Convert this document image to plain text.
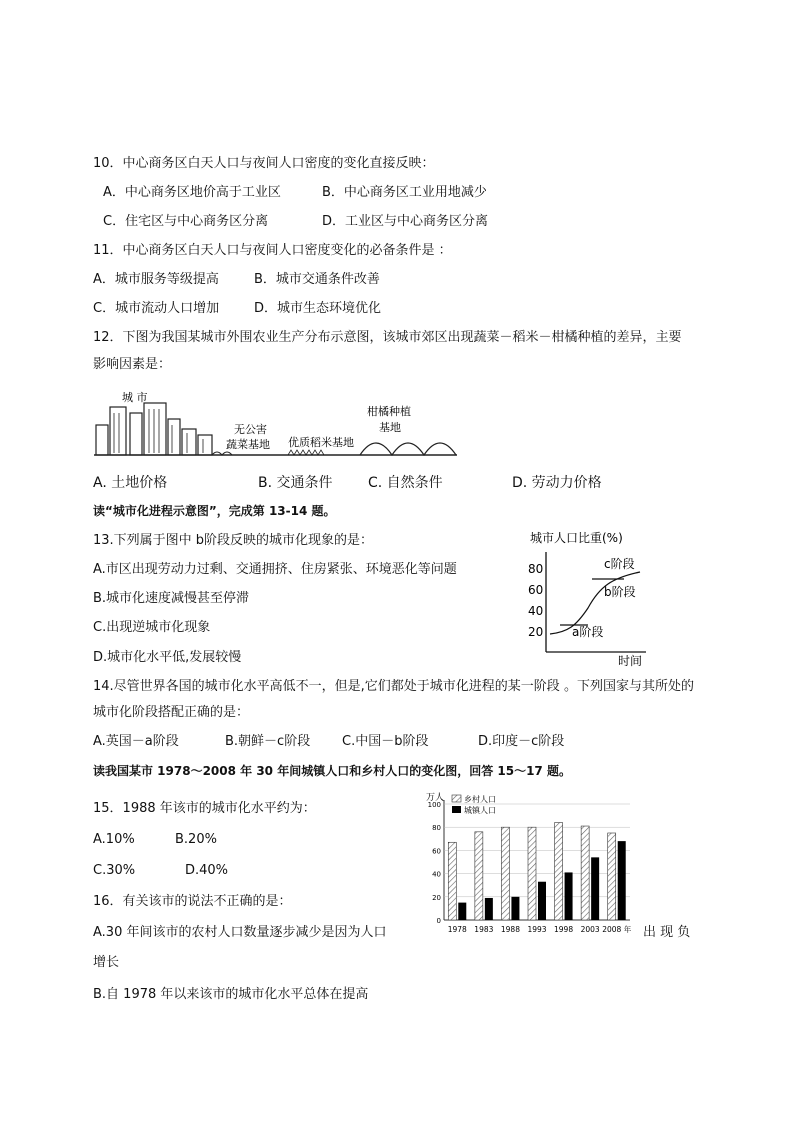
10．中心商务区白天人口与夜间人口密度的变化直接反映：
A．中心商务区地价高于工业区	B．中心商务区工业用地减少
C．住宅区与中心商务区分离	D．工业区与中心商务区分离
11．中心商务区白天人口与夜间人口密度变化的必备条件是 ：
A．城市服务等级提高	B．城市交通条件改善
C．城市流动人口增加	D．城市生态环境优化
12．下图为我国某城市外围农业生产分布示意图，该城市郊区出现蔬菜－稻米－柑橘种植的差异，主要
影响因素是：
城 市
无公害
蔬菜基地 优质稻米基地
柑橘种植
基地
A. 土地价格	B. 交通条件	C. 自然条件	D. 劳动力价格
读“城市化进程示意图”，完成第 13-14 题。
13.下列属于图中 b阶段反映的城市化现象的是：
A.市区出现劳动力过剩、交通拥挤、住房紧张、环境恶化等问题
B.城市化速度减慢甚至停滞
C.出现逆城市化现象
D.城市化水平低,发展较慢
城市人口比重(%)
80
60
40
20
c阶段
b阶段
a阶段
时间
14.尽管世界各国的城市化水平高低不一，但是,它们都处于城市化进程的某一阶段 。下列国家与其所处的
城市化阶段搭配正确的是：
A.英国－a阶段	B.朝鲜－c阶段 C.中国－b阶段	D.印度－c阶段
读我国某市 1978～2008 年 30 年间城镇人口和乡村人口的变化图，回答 15～17 题。
15．1988 年该市的城市化水平约为：
A.10%	B.20%
C.30%	D.40%
16．有关该市的说法不正确的是：
A.30 年间该市的农村人口数量逐步减少是因为人口	出 现 负
增长
B.自 1978 年以来该市的城市化水平总体在提高
万人
100
80
60
40
20
0
1978 1983 1988 1993 1998 2003 2008 年
乡村人口
城镇人口
